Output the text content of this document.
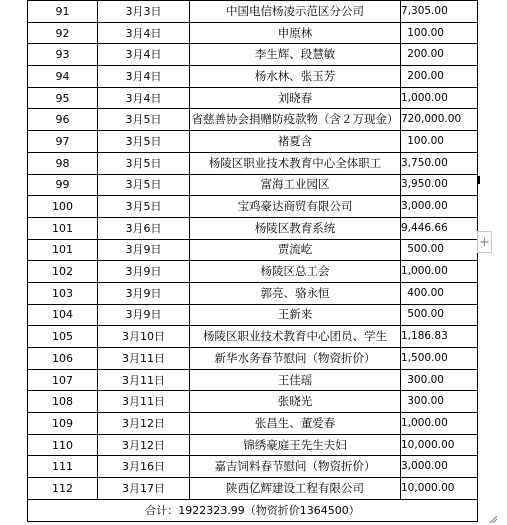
91	3月3日	中国电信杨凌示范区分公司	7,305.00
92	3月4日	申原林	100.00
93	3月4日	李生辉、段慧敏	200.00
94	3月4日	杨水林、张玉芳	200.00
95	3月4日	刘晓春	1,000.00
96	3月5日	省慈善协会捐赠防疫款物（含２万现金）	720,000.00
97	3月5日	褚夏含	100.00
98	3月5日	杨陵区职业技术教育中心全体职工	3,750.00
99	3月5日	富海工业园区	3,950.00
100	3月5日	宝鸡豪达商贸有限公司	3,000.00
101	3月6日	杨陵区教育系统	9,446.66
101	3月9日	贾流屹	500.00
102	3月9日	杨陵区总工会	1,000.00
103	3月9日	郭亮、骆永恒	400.00
104	3月9日	王新来	500.00
105	3月10日	杨陵区职业技术教育中心团员、学生	1,186.83
106	3月11日	新华水务春节慰问（物资折价）	1,500.00
107	3月11日	王佳瑶	300.00
108	3月11日	张晓光	300.00
109	3月12日	张昌生、董爱春	1,000.00
110	3月12日	锦绣豪庭王先生夫妇	10,000.00
111	3月16日	嘉吉饲料春节慰问（物资折价）	3,000.00
112	3月17日	陕西亿辉建设工程有限公司	10,000.00
合计：1922323.99（物资折价1364500）			
+
